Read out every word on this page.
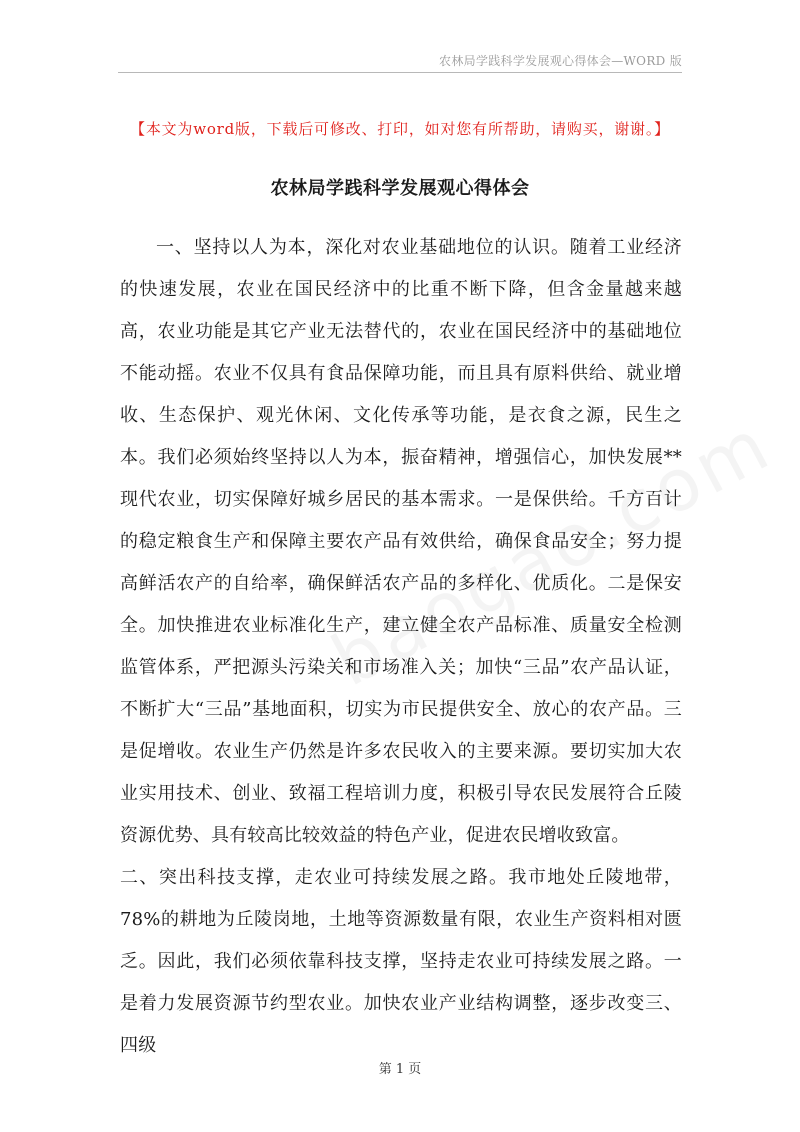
农林局学践科学发展观心得体会—WORD 版
【本文为word版，下载后可修改、打印，如对您有所帮助，请购买，谢谢。】
农林局学践科学发展观心得体会

一、坚持以人为本，深化对农业基础地位的认识。随着工业经济的快速发展，农业在国民经济中的比重不断下降，但含金量越来越高，农业功能是其它产业无法替代的，农业在国民经济中的基础地位不能动摇。农业不仅具有食品保障功能，而且具有原料供给、就业增收、生态保护、观光休闲、文化传承等功能，是衣食之源，民生之本。我们必须始终坚持以人为本，振奋精神，增强信心，加快发展**现代农业，切实保障好城乡居民的基本需求。一是保供给。千方百计的稳定粮食生产和保障主要农产品有效供给，确保食品安全；努力提高鲜活农产的自给率，确保鲜活农产品的多样化、优质化。二是保安全。加快推进农业标准化生产，建立健全农产品标准、质量安全检测监管体系，严把源头污染关和市场准入关；加快“三品”农产品认证，不断扩大“三品”基地面积，切实为市民提供安全、放心的农产品。三是促增收。农业生产仍然是许多农民收入的主要来源。要切实加大农业实用技术、创业、致福工程培训力度，积极引导农民发展符合丘陵资源优势、具有较高比较效益的特色产业，促进农民增收致富。

二、突出科技支撑，走农业可持续发展之路。我市地处丘陵地带，78%的耕地为丘陵岗地，土地等资源数量有限，农业生产资料相对匮乏。因此，我们必须依靠科技支撑，坚持走农业可持续发展之路。一是着力发展资源节约型农业。加快农业产业结构调整，逐步改变三、四级

第 1 页
